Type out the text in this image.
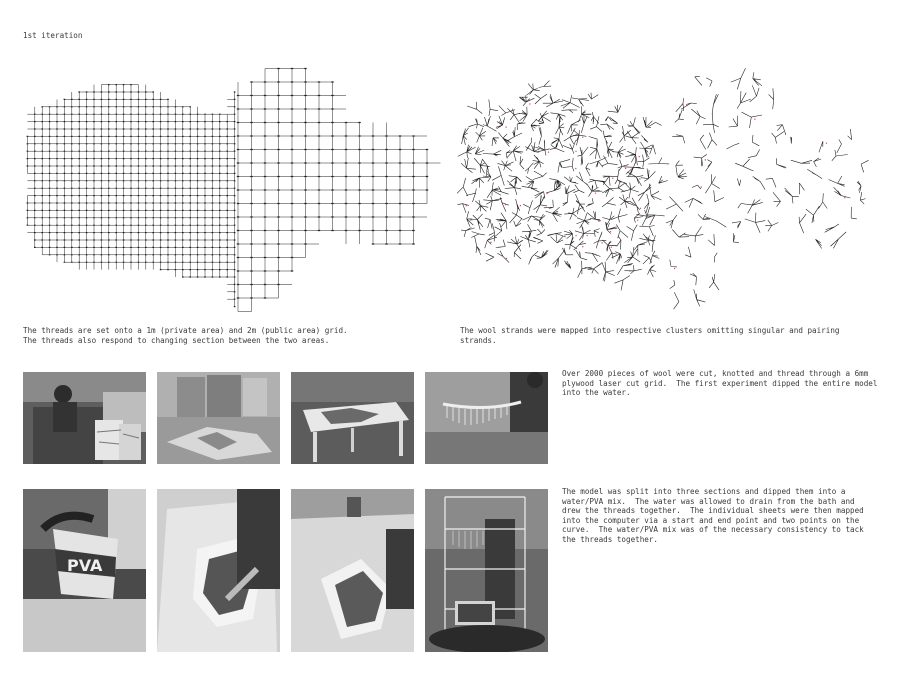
1st iteration
The threads are set onto a 1m (private area) and 2m (public area) grid.
The threads also respond to changing section between the two areas.
The wool strands were mapped into respective clusters omitting singular and pairing
strands.
Over 2000 pieces of wool were cut, knotted and thread through a 6mm
plywood laser cut grid.  The first experiment dipped the entire model
into the water.
PVA
The model was split into three sections and dipped them into a
water/PVA mix.  The water was allowed to drain from the bath and
drew the threads together.  The individual sheets were then mapped
into the computer via a start and end point and two points on the
curve.  The water/PVA mix was of the necessary consistency to tack
the threads together.
